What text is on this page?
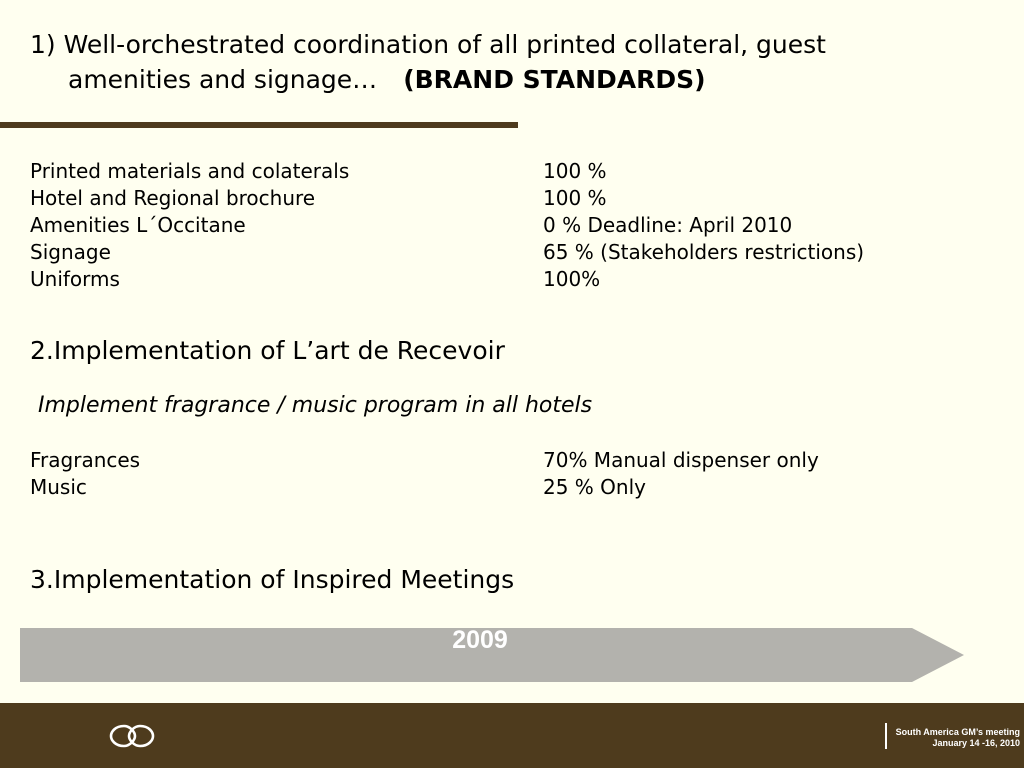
1) Well-orchestrated coordination of all printed collateral, guest
amenities and signage… (BRAND STANDARDS)
Printed materials and colaterals	100 %
Hotel and Regional brochure	100 %
Amenities L´Occitane	0 % Deadline: April 2010
Signage	65 % (Stakeholders restrictions)
Uniforms	100%
2.Implementation of L’art de Recevoir
Implement fragrance / music program in all hotels
Fragrances	70% Manual dispenser only
Music	25 % Only
3.Implementation of Inspired Meetings
2009
South America GM’s meeting
January 14 -16, 2010
